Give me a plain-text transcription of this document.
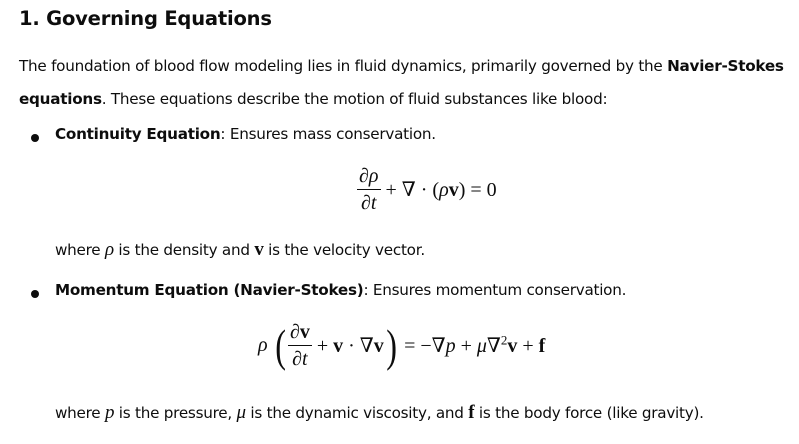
1. Governing Equations

The foundation of blood flow modeling lies in fluid dynamics, primarily governed by the Navier-Stokes equations. These equations describe the motion of fluid substances like blood:

Continuity Equation: Ensures mass conservation.
$\frac{\partial\rho}{\partial t}$ + ∇ · (ρv) = 0
where ρ is the density and v is the velocity vector.
Momentum Equation (Navier-Stokes): Ensures momentum conservation.
ρ ( $\frac{\partial v}{\partial t} + v \cdot \nabla v) = -\nabla p + \mu\nabla^2v + f$
where p is the pressure, μ is the dynamic viscosity, and f is the body force (like gravity).
